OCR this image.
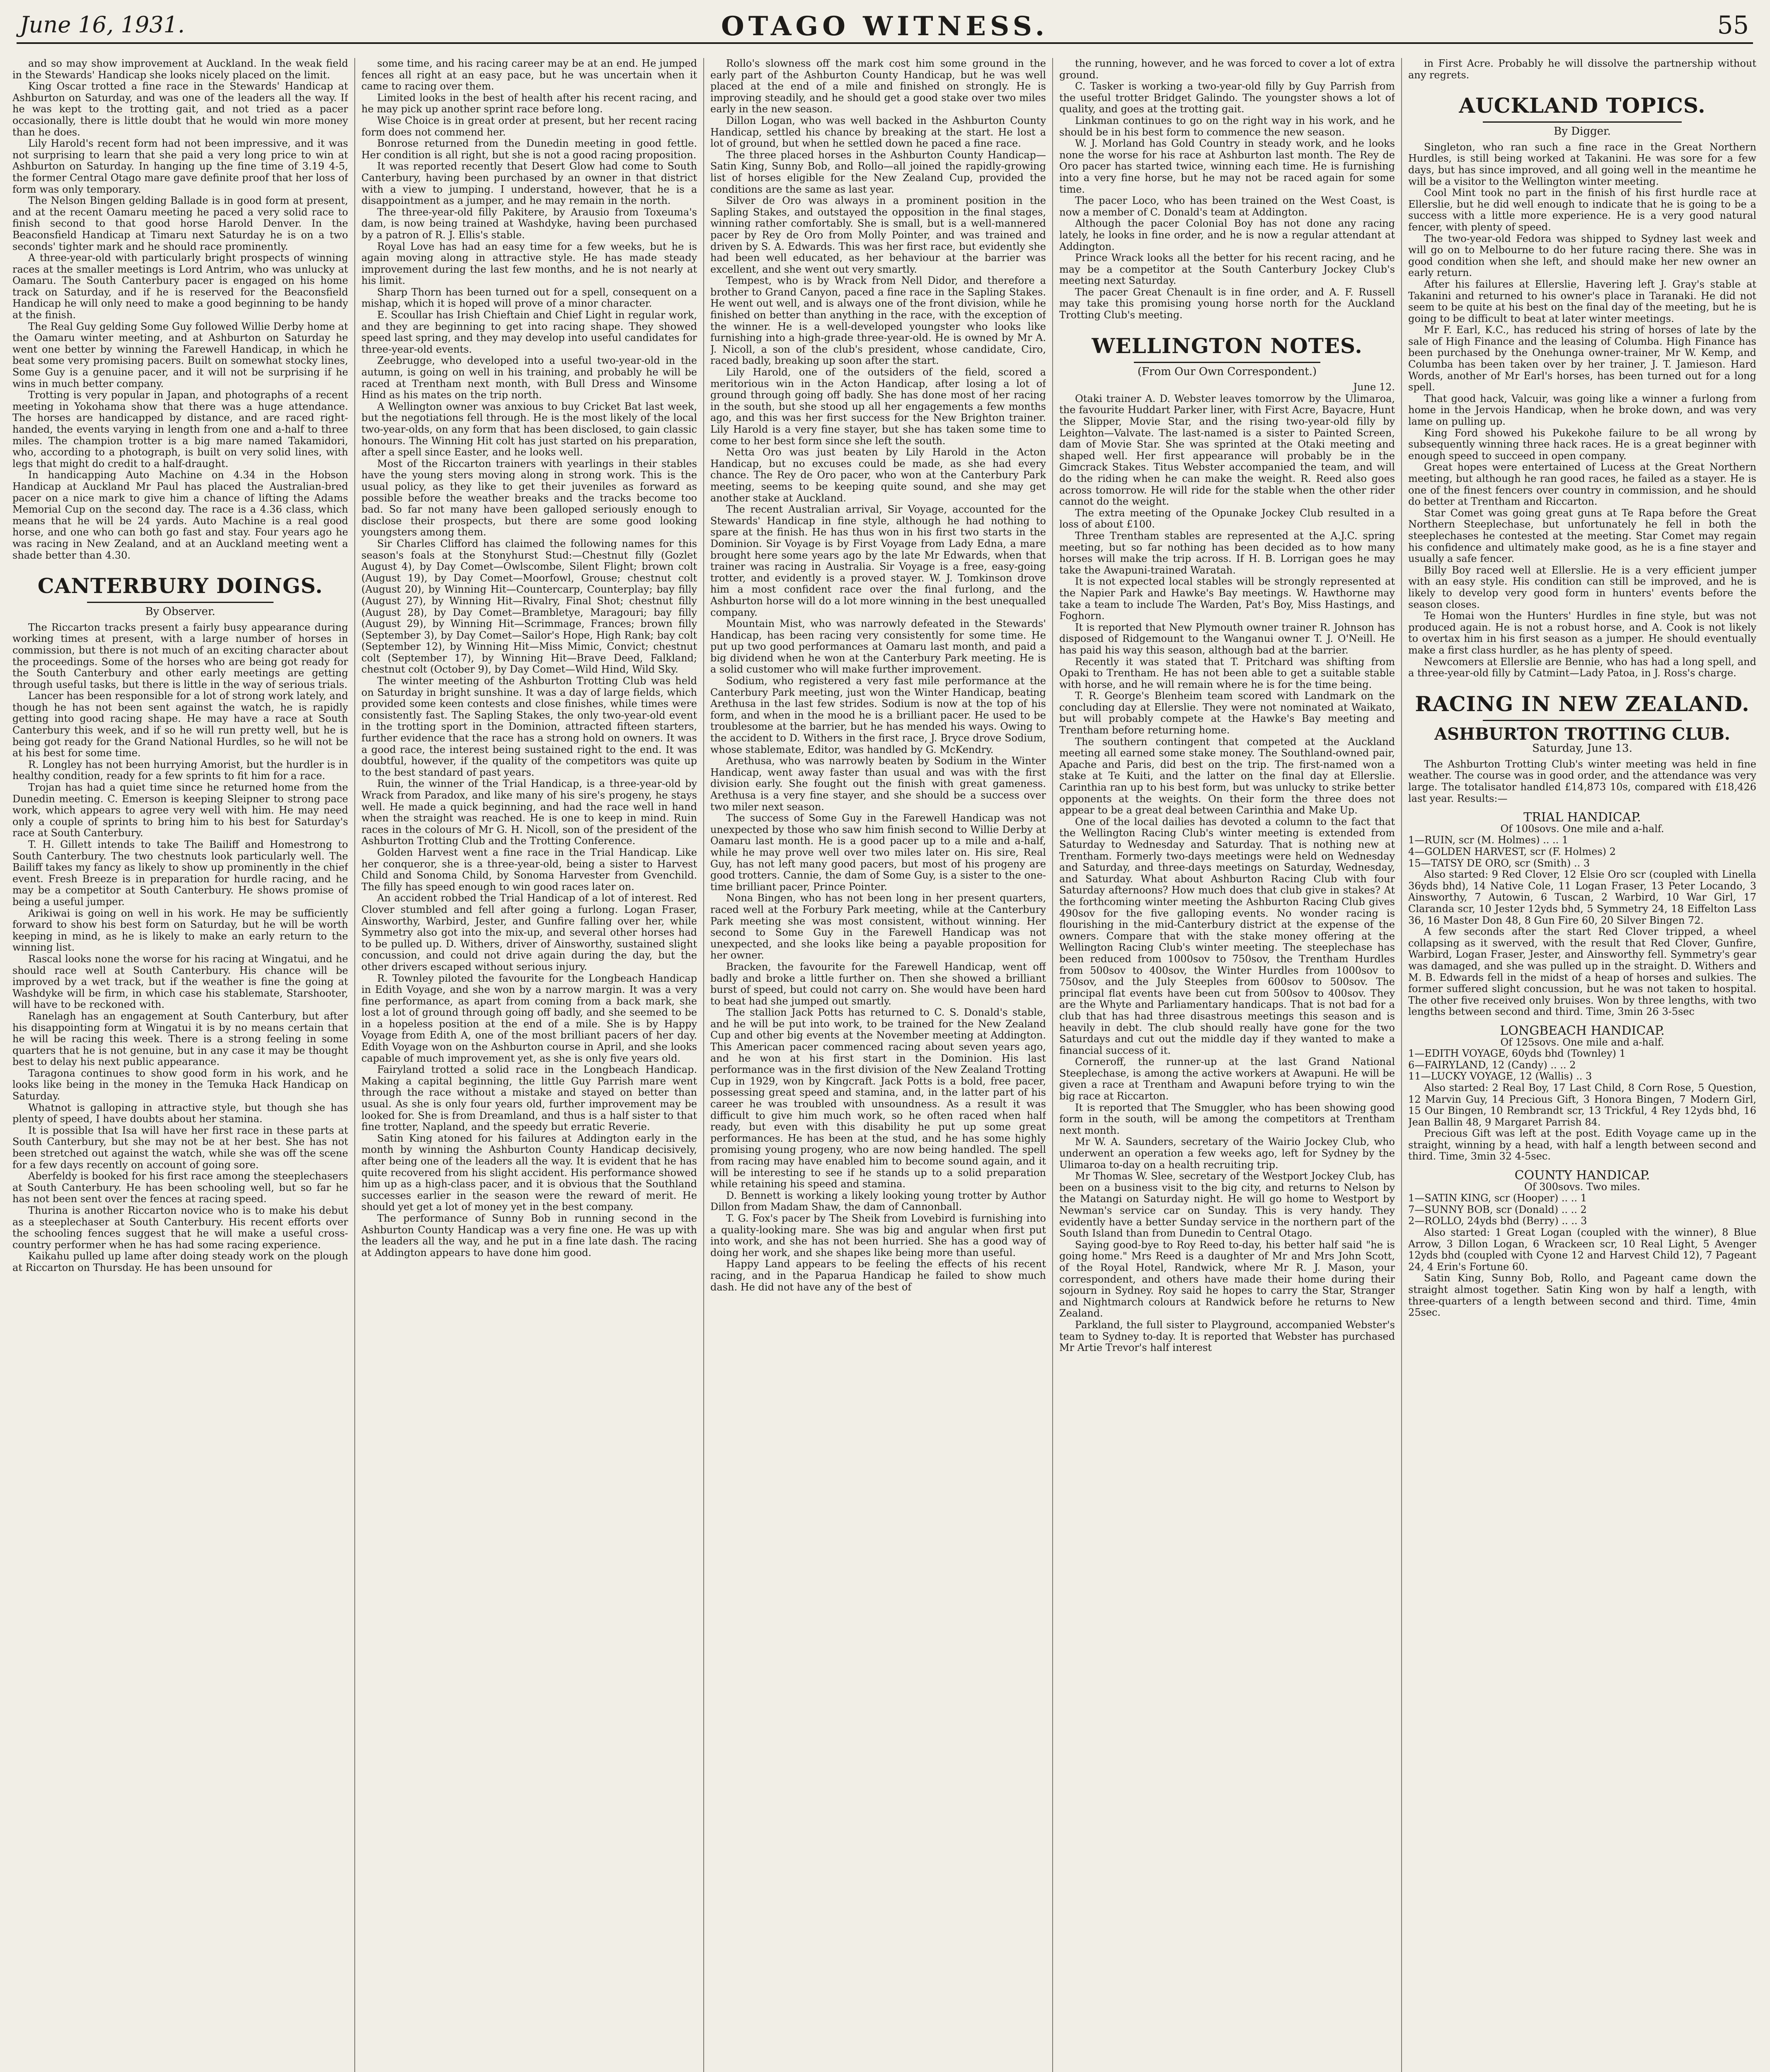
June 16, 1931.	OTAGO WITNESS.	55

and so may show improvement at Auckland. In the weak field in the Stewards' Handicap she looks nicely placed on the limit.

King Oscar trotted a fine race in the Stewards' Handicap at Ashburton on Saturday, and was one of the leaders all the way. If he was kept to the trotting gait, and not tried as a pacer occasionally, there is little doubt that he would win more money than he does.

Lily Harold's recent form had not been impressive, and it was not surprising to learn that she paid a very long price to win at Ashburton on Saturday. In hanging up the fine time of 3.19 4-5, the former Central Otago mare gave definite proof that her loss of form was only temporary.

The Nelson Bingen gelding Ballade is in good form at present, and at the recent Oamaru meeting he paced a very solid race to finish second to that good horse Harold Denver. In the Beaconsfield Handicap at Timaru next Saturday he is on a two seconds' tighter mark and he should race prominently.

A three-year-old with particularly bright prospects of winning races at the smaller meetings is Lord Antrim, who was unlucky at Oamaru. The South Canterbury pacer is engaged on his home track on Saturday, and if he is reserved for the Beaconsfield Handicap he will only need to make a good beginning to be handy at the finish.

The Real Guy gelding Some Guy followed Willie Derby home at the Oamaru winter meeting, and at Ashburton on Saturday he went one better by winning the Farewell Handicap, in which he beat some very promising pacers. Built on somewhat stocky lines, Some Guy is a genuine pacer, and it will not be surprising if he wins in much better company.

Trotting is very popular in Japan, and photographs of a recent meeting in Yokohama show that there was a huge attendance. The horses are handicapped by distance, and are raced right-handed, the events varying in length from one and a-half to three miles. The champion trotter is a big mare named Takamidori, who, according to a photograph, is built on very solid lines, with legs that might do credit to a half-draught.

In handicapping Auto Machine on 4.34 in the Hobson Handicap at Auckland Mr Paul has placed the Australian-bred pacer on a nice mark to give him a chance of lifting the Adams Memorial Cup on the second day. The race is a 4.36 class, which means that he will be 24 yards. Auto Machine is a real good horse, and one who can both go fast and stay. Four years ago he was racing in New Zealand, and at an Auckland meeting went a shade better than 4.30.

CANTERBURY DOINGS.
By Observer.

The Riccarton tracks present a fairly busy appearance during working times at present, with a large number of horses in commission, but there is not much of an exciting character about the proceedings. Some of the horses who are being got ready for the South Canterbury and other early meetings are getting through useful tasks, but there is little in the way of serious trials.

Lancer has been responsible for a lot of strong work lately, and though he has not been sent against the watch, he is rapidly getting into good racing shape. He may have a race at South Canterbury this week, and if so he will run pretty well, but he is being got ready for the Grand National Hurdles, so he will not be at his best for some time.

R. Longley has not been hurrying Amorist, but the hurdler is in healthy condition, ready for a few sprints to fit him for a race.

Trojan has had a quiet time since he returned home from the Dunedin meeting. C. Emerson is keeping Sleipner to strong pace work, which appears to agree very well with him. He may need only a couple of sprints to bring him to his best for Saturday's race at South Canterbury.

T. H. Gillett intends to take The Bailiff and Homestrong to South Canterbury. The two chestnuts look particularly well. The Bailiff takes my fancy as likely to show up prominently in the chief event. Fresh Breeze is in preparation for hurdle racing, and he may be a competitor at South Canterbury. He shows promise of being a useful jumper.

Arikiwai is going on well in his work. He may be sufficiently forward to show his best form on Saturday, but he will be worth keeping in mind, as he is likely to make an early return to the winning list.

Rascal looks none the worse for his racing at Wingatui, and he should race well at South Canterbury. His chance will be improved by a wet track, but if the weather is fine the going at Washdyke will be firm, in which case his stablemate, Starshooter, will have to be reckoned with.

Ranelagh has an engagement at South Canterbury, but after his disappointing form at Wingatui it is by no means certain that he will be racing this week. There is a strong feeling in some quarters that he is not genuine, but in any case it may be thought best to delay his next public appearance.

Taragona continues to show good form in his work, and he looks like being in the money in the Temuka Hack Handicap on Saturday.

Whatnot is galloping in attractive style, but though she has plenty of speed, I have doubts about her stamina.

It is possible that Isa will have her first race in these parts at South Canterbury, but she may not be at her best. She has not been stretched out against the watch, while she was off the scene for a few days recently on account of going sore.

Aberfeldy is booked for his first race among the steeplechasers at South Canterbury. He has been schooling well, but so far he has not been sent over the fences at racing speed.

Thurina is another Riccarton novice who is to make his debut as a steeplechaser at South Canterbury. His recent efforts over the schooling fences suggest that he will make a useful cross-country performer when he has had some racing experience.

Kaikahu pulled up lame after doing steady work on the plough at Riccarton on Thursday. He has been unsound for

some time, and his racing career may be at an end. He jumped fences all right at an easy pace, but he was uncertain when it came to racing over them.

Limited looks in the best of health after his recent racing, and he may pick up another sprint race before long.

Wise Choice is in great order at present, but her recent racing form does not commend her.

Bonrose returned from the Dunedin meeting in good fettle. Her condition is all right, but she is not a good racing proposition.

It was reported recently that Desert Glow had come to South Canterbury, having been purchased by an owner in that district with a view to jumping. I understand, however, that he is a disappointment as a jumper, and he may remain in the north.

The three-year-old filly Pakitere, by Arausio from Toxeuma's dam, is now being trained at Washdyke, having been purchased by a patron of R. J. Ellis's stable.

Royal Love has had an easy time for a few weeks, but he is again moving along in attractive style. He has made steady improvement during the last few months, and he is not nearly at his limit.

Sharp Thorn has been turned out for a spell, consequent on a mishap, which it is hoped will prove of a minor character.

E. Scoullar has Irish Chieftain and Chief Light in regular work, and they are beginning to get into racing shape. They showed speed last spring, and they may develop into useful candidates for three-year-old events.

Zeebrugge, who developed into a useful two-year-old in the autumn, is going on well in his training, and probably he will be raced at Trentham next month, with Bull Dress and Winsome Hind as his mates on the trip north.

A Wellington owner was anxious to buy Cricket Bat last week, but the negotiations fell through. He is the most likely of the local two-year-olds, on any form that has been disclosed, to gain classic honours. The Winning Hit colt has just started on his preparation, after a spell since Easter, and he looks well.

Most of the Riccarton trainers with yearlings in their stables have the young sters moving along in strong work. This is the usual policy, as they like to get their juveniles as forward as possible before the weather breaks and the tracks become too bad. So far not many have been galloped seriously enough to disclose their prospects, but there are some good looking youngsters among them.

Sir Charles Clifford has claimed the following names for this season's foals at the Stonyhurst Stud:—Chestnut filly (Gozlet August 4), by Day Comet—Owlscombe, Silent Flight; brown colt (August 19), by Day Comet—Moorfowl, Grouse; chestnut colt (August 20), by Winning Hit—Countercarp, Counterplay; bay filly (August 27), by Winning Hit—Rivalry, Final Shot; chestnut filly (August 28), by Day Comet—Brambletye, Maragouri; bay filly (August 29), by Winning Hit—Scrimmage, Frances; brown filly (September 3), by Day Comet—Sailor's Hope, High Rank; bay colt (September 12), by Winning Hit—Miss Mimic, Convict; chestnut colt (September 17), by Winning Hit—Brave Deed, Falkland; chestnut colt (October 9), by Day Comet—Wild Hind, Wild Sky.

The winter meeting of the Ashburton Trotting Club was held on Saturday in bright sunshine. It was a day of large fields, which provided some keen contests and close finishes, while times were consistently fast. The Sapling Stakes, the only two-year-old event in the trotting sport in the Dominion, attracted fifteen starters, further evidence that the race has a strong hold on owners. It was a good race, the interest being sustained right to the end. It was doubtful, however, if the quality of the competitors was quite up to the best standard of past years.

Ruin, the winner of the Trial Handicap, is a three-year-old by Wrack from Paradox, and like many of his sire's progeny, he stays well. He made a quick beginning, and had the race well in hand when the straight was reached. He is one to keep in mind. Ruin races in the colours of Mr G. H. Nicoll, son of the president of the Ashburton Trotting Club and the Trotting Conference.

Golden Harvest went a fine race in the Trial Handicap. Like her conqueror, she is a three-year-old, being a sister to Harvest Child and Sonoma Child, by Sonoma Harvester from Gvenchild. The filly has speed enough to win good races later on.

An accident robbed the Trial Handicap of a lot of interest. Red Clover stumbled and fell after going a furlong. Logan Fraser, Ainsworthy, Warbird, Jester, and Gunfire falling over her, while Symmetry also got into the mix-up, and several other horses had to be pulled up. D. Withers, driver of Ainsworthy, sustained slight concussion, and could not drive again during the day, but the other drivers escaped without serious injury.

R. Townley piloted the favourite for the Longbeach Handicap in Edith Voyage, and she won by a narrow margin. It was a very fine performance, as apart from coming from a back mark, she lost a lot of ground through going off badly, and she seemed to be in a hopeless position at the end of a mile. She is by Happy Voyage from Edith A, one of the most brilliant pacers of her day. Edith Voyage won on the Ashburton course in April, and she looks capable of much improvement yet, as she is only five years old.

Fairyland trotted a solid race in the Longbeach Handicap. Making a capital beginning, the little Guy Parrish mare went through the race without a mistake and stayed on better than usual. As she is only four years old, further improvement may be looked for. She is from Dreamland, and thus is a half sister to that fine trotter, Napland, and the speedy but erratic Reverie.

Satin King atoned for his failures at Addington early in the month by winning the Ashburton County Handicap decisively, after being one of the leaders all the way. It is evident that he has quite recovered from his slight accident. His performance showed him up as a high-class pacer, and it is obvious that the Southland successes earlier in the season were the reward of merit. He should yet get a lot of money yet in the best company.

The performance of Sunny Bob in running second in the Ashburton County Handicap was a very fine one. He was up with the leaders all the way, and he put in a fine late dash. The racing at Addington appears to have done him good.

Rollo's slowness off the mark cost him some ground in the early part of the Ashburton County Handicap, but he was well placed at the end of a mile and finished on strongly. He is improving steadily, and he should get a good stake over two miles early in the new season.

Dillon Logan, who was well backed in the Ashburton County Handicap, settled his chance by breaking at the start. He lost a lot of ground, but when he settled down he paced a fine race.

The three placed horses in the Ashburton County Handicap—Satin King, Sunny Bob, and Rollo—all joined the rapidly-growing list of horses eligible for the New Zealand Cup, provided the conditions are the same as last year.

Silver de Oro was always in a prominent position in the Sapling Stakes, and outstayed the opposition in the final stages, winning rather comfortably. She is small, but is a well-mannered pacer by Rey de Oro from Molly Pointer, and was trained and driven by S. A. Edwards. This was her first race, but evidently she had been well educated, as her behaviour at the barrier was excellent, and she went out very smartly.

Tempest, who is by Wrack from Nell Didor, and therefore a brother to Grand Canyon, paced a fine race in the Sapling Stakes. He went out well, and is always one of the front division, while he finished on better than anything in the race, with the exception of the winner. He is a well-developed youngster who looks like furnishing into a high-grade three-year-old. He is owned by Mr A. J. Nicoll, a son of the club's president, whose candidate, Ciro, raced badly, breaking up soon after the start.

Lily Harold, one of the outsiders of the field, scored a meritorious win in the Acton Handicap, after losing a lot of ground through going off badly. She has done most of her racing in the south, but she stood up all her engagements a few months ago, and this was her first success for the New Brighton trainer. Lily Harold is a very fine stayer, but she has taken some time to come to her best form since she left the south.

Netta Oro was just beaten by Lily Harold in the Acton Handicap, but no excuses could be made, as she had every chance. The Rey de Oro pacer, who won at the Canterbury Park meeting, seems to be keeping quite sound, and she may get another stake at Auckland.

The recent Australian arrival, Sir Voyage, accounted for the Stewards' Handicap in fine style, although he had nothing to spare at the finish. He has thus won in his first two starts in the Dominion. Sir Voyage is by First Voyage from Lady Edna, a mare brought here some years ago by the late Mr Edwards, when that trainer was racing in Australia. Sir Voyage is a free, easy-going trotter, and evidently is a proved stayer. W. J. Tomkinson drove him a most confident race over the final furlong, and the Ashburton horse will do a lot more winning in the best unequalled company.

Mountain Mist, who was narrowly defeated in the Stewards' Handicap, has been racing very consistently for some time. He put up two good performances at Oamaru last month, and paid a big dividend when he won at the Canterbury Park meeting. He is a solid customer who will make further improvement.

Sodium, who registered a very fast mile performance at the Canterbury Park meeting, just won the Winter Handicap, beating Arethusa in the last few strides. Sodium is now at the top of his form, and when in the mood he is a brilliant pacer. He used to be troublesome at the barrier, but he has mended his ways. Owing to the accident to D. Withers in the first race, J. Bryce drove Sodium, whose stablemate, Editor, was handled by G. McKendry.

Arethusa, who was narrowly beaten by Sodium in the Winter Handicap, went away faster than usual and was with the first division early. She fought out the finish with great gameness. Arethusa is a very fine stayer, and she should be a success over two miler next season.

The success of Some Guy in the Farewell Handicap was not unexpected by those who saw him finish second to Willie Derby at Oamaru last month. He is a good pacer up to a mile and a-half, while he may prove well over two miles later on. His sire, Real Guy, has not left many good pacers, but most of his progeny are good trotters. Cannie, the dam of Some Guy, is a sister to the one-time brilliant pacer, Prince Pointer.

Nona Bingen, who has not been long in her present quarters, raced well at the Forbury Park meeting, while at the Canterbury Park meeting she was most consistent, without winning. Her second to Some Guy in the Farewell Handicap was not unexpected, and she looks like being a payable proposition for her owner.

Bracken, the favourite for the Farewell Handicap, went off badly and broke a little further on. Then she showed a brilliant burst of speed, but could not carry on. She would have been hard to beat had she jumped out smartly.

The stallion Jack Potts has returned to C. S. Donald's stable, and he will be put into work, to be trained for the New Zealand Cup and other big events at the November meeting at Addington. This American pacer commenced racing about seven years ago, and he won at his first start in the Dominion. His last performance was in the first division of the New Zealand Trotting Cup in 1929, won by Kingcraft. Jack Potts is a bold, free pacer, possessing great speed and stamina, and, in the latter part of his career he was troubled with unsoundness. As a result it was difficult to give him much work, so he often raced when half ready, but even with this disability he put up some great performances. He has been at the stud, and he has some highly promising young progeny, who are now being handled. The spell from racing may have enabled him to become sound again, and it will be interesting to see if he stands up to a solid preparation while retaining his speed and stamina.

D. Bennett is working a likely looking young trotter by Author Dillon from Madam Shaw, the dam of Cannonball.

T. G. Fox's pacer by The Sheik from Lovebird is furnishing into a quality-looking mare. She was big and angular when first put into work, and she has not been hurried. She has a good way of doing her work, and she shapes like being more than useful.

Happy Land appears to be feeling the effects of his recent racing, and in the Paparua Handicap he failed to show much dash. He did not have any of the best of

the running, however, and he was forced to cover a lot of extra ground.

C. Tasker is working a two-year-old filly by Guy Parrish from the useful trotter Bridget Galindo. The youngster shows a lot of quality, and goes at the trotting gait.

Linkman continues to go on the right way in his work, and he should be in his best form to commence the new season.

W. J. Morland has Gold Country in steady work, and he looks none the worse for his race at Ashburton last month. The Rey de Oro pacer has started twice, winning each time. He is furnishing into a very fine horse, but he may not be raced again for some time.

The pacer Loco, who has been trained on the West Coast, is now a member of C. Donald's team at Addington.

Although the pacer Colonial Boy has not done any racing lately, he looks in fine order, and he is now a regular attendant at Addington.

Prince Wrack looks all the better for his recent racing, and he may be a competitor at the South Canterbury Jockey Club's meeting next Saturday.

The pacer Great Chenault is in fine order, and A. F. Russell may take this promising young horse north for the Auckland Trotting Club's meeting.

WELLINGTON NOTES.
(From Our Own Correspondent.)

June 12.

Otaki trainer A. D. Webster leaves tomorrow by the Ulimaroa, the favourite Huddart Parker liner, with First Acre, Bayacre, Hunt the Slipper, Movie Star, and the rising two-year-old filly by Leighton—Valvate. The last-named is a sister to Painted Screen, dam of Movie Star. She was sprinted at the Otaki meeting and shaped well. Her first appearance will probably be in the Gimcrack Stakes. Titus Webster accompanied the team, and will do the riding when he can make the weight. R. Reed also goes across tomorrow. He will ride for the stable when the other rider cannot do the weight.

The extra meeting of the Opunake Jockey Club resulted in a loss of about £100.

Three Trentham stables are represented at the A.J.C. spring meeting, but so far nothing has been decided as to how many horses will make the trip across. If H. B. Lorrigan goes he may take the Awapuni-trained Waratah.

It is not expected local stables will be strongly represented at the Napier Park and Hawke's Bay meetings. W. Hawthorne may take a team to include The Warden, Pat's Boy, Miss Hastings, and Foghorn.

It is reported that New Plymouth owner trainer R. Johnson has disposed of Ridgemount to the Wanganui owner T. J. O'Neill. He has paid his way this season, although bad at the barrier.

Recently it was stated that T. Pritchard was shifting from Opaki to Trentham. He has not been able to get a suitable stable with horse, and he will remain where he is for the time being.

T. R. George's Blenheim team scored with Landmark on the concluding day at Ellerslie. They were not nominated at Waikato, but will probably compete at the Hawke's Bay meeting and Trentham before returning home.

The southern contingent that competed at the Auckland meeting all earned some stake money. The Southland-owned pair, Apache and Paris, did best on the trip. The first-named won a stake at Te Kuiti, and the latter on the final day at Ellerslie. Carinthia ran up to his best form, but was unlucky to strike better opponents at the weights. On their form the three does not appear to be a great deal between Carinthia and Make Up.

One of the local dailies has devoted a column to the fact that the Wellington Racing Club's winter meeting is extended from Saturday to Wednesday and Saturday. That is nothing new at Trentham. Formerly two-days meetings were held on Wednesday and Saturday, and three-days meetings on Saturday, Wednesday, and Saturday. What about Ashburton Racing Club with four Saturday afternoons? How much does that club give in stakes? At the forthcoming winter meeting the Ashburton Racing Club gives 490sov for the five galloping events. No wonder racing is flourishing in the mid-Canterbury district at the expense of the owners. Compare that with the stake money offering at the Wellington Racing Club's winter meeting. The steeplechase has been reduced from 1000sov to 750sov, the Trentham Hurdles from 500sov to 400sov, the Winter Hurdles from 1000sov to 750sov, and the July Steeples from 600sov to 500sov. The principal flat events have been cut from 500sov to 400sov. They are the Whyte and Parliamentary handicaps. That is not bad for a club that has had three disastrous meetings this season and is heavily in debt. The club should really have gone for the two Saturdays and cut out the middle day if they wanted to make a financial success of it.

Corneroff, the runner-up at the last Grand National Steeplechase, is among the active workers at Awapuni. He will be given a race at Trentham and Awapuni before trying to win the big race at Riccarton.

It is reported that The Smuggler, who has been showing good form in the south, will be among the competitors at Trentham next month.

Mr W. A. Saunders, secretary of the Wairio Jockey Club, who underwent an operation a few weeks ago, left for Sydney by the Ulimaroa to-day on a health recruiting trip.

Mr Thomas W. Slee, secretary of the Westport Jockey Club, has been on a business visit to the big city, and returns to Nelson by the Matangi on Saturday night. He will go home to Westport by Newman's service car on Sunday. This is very handy. They evidently have a better Sunday service in the northern part of the South Island than from Dunedin to Central Otago.

Saying good-bye to Roy Reed to-day, his better half said "he is going home." Mrs Reed is a daughter of Mr and Mrs John Scott, of the Royal Hotel, Randwick, where Mr R. J. Mason, your correspondent, and others have made their home during their sojourn in Sydney. Roy said he hopes to carry the Star, Stranger and Nightmarch colours at Randwick before he returns to New Zealand.

Parkland, the full sister to Playground, accompanied Webster's team to Sydney to-day. It is reported that Webster has purchased Mr Artie Trevor's half interest

in First Acre. Probably he will dissolve the partnership without any regrets.

AUCKLAND TOPICS.
By Digger.

Singleton, who ran such a fine race in the Great Northern Hurdles, is still being worked at Takanini. He was sore for a few days, but has since improved, and all going well in the meantime he will be a visitor to the Wellington winter meeting.

Cool Mint took no part in the finish of his first hurdle race at Ellerslie, but he did well enough to indicate that he is going to be a success with a little more experience. He is a very good natural fencer, with plenty of speed.

The two-year-old Fedora was shipped to Sydney last week and will go on to Melbourne to do her future racing there. She was in good condition when she left, and should make her new owner an early return.

After his failures at Ellerslie, Havering left J. Gray's stable at Takanini and returned to his owner's place in Taranaki. He did not seem to be quite at his best on the final day of the meeting, but he is going to be difficult to beat at later winter meetings.

Mr F. Earl, K.C., has reduced his string of horses of late by the sale of High Finance and the leasing of Columba. High Finance has been purchased by the Onehunga owner-trainer, Mr W. Kemp, and Columba has been taken over by her trainer, J. T. Jamieson. Hard Words, another of Mr Earl's horses, has been turned out for a long spell.

That good hack, Valcuir, was going like a winner a furlong from home in the Jervois Handicap, when he broke down, and was very lame on pulling up.

King Ford showed his Pukekohe failure to be all wrong by subsequently winning three hack races. He is a great beginner with enough speed to succeed in open company.

Great hopes were entertained of Lucess at the Great Northern meeting, but although he ran good races, he failed as a stayer. He is one of the finest fencers over country in commission, and he should do better at Trentham and Riccarton.

Star Comet was going great guns at Te Rapa before the Great Northern Steeplechase, but unfortunately he fell in both the steeplechases he contested at the meeting. Star Comet may regain his confidence and ultimately make good, as he is a fine stayer and usually a safe fencer.

Billy Boy raced well at Ellerslie. He is a very efficient jumper with an easy style. His condition can still be improved, and he is likely to develop very good form in hunters' events before the season closes.

Te Homai won the Hunters' Hurdles in fine style, but was not produced again. He is not a robust horse, and A. Cook is not likely to overtax him in his first season as a jumper. He should eventually make a first class hurdler, as he has plenty of speed.

Newcomers at Ellerslie are Bennie, who has had a long spell, and a three-year-old filly by Catmint—Lady Patoa, in J. Ross's charge.

RACING IN NEW ZEALAND.
ASHBURTON TROTTING CLUB.
Saturday, June 13.

The Ashburton Trotting Club's winter meeting was held in fine weather. The course was in good order, and the attendance was very large. The totalisator handled £14,873 10s, compared with £18,426 last year. Results:—

TRIAL HANDICAP.

Of 100sovs. One mile and a-half.

1—RUIN, scr (M. Holmes) .. .. 1

4—GOLDEN HARVEST, scr (F. Holmes) 2

15—TATSY DE ORO, scr (Smith) .. 3

Also started: 9 Red Clover, 12 Elsie Oro scr (coupled with Linella 36yds bhd), 14 Native Cole, 11 Logan Fraser, 13 Peter Locando, 3 Ainsworthy, 7 Autowin, 6 Tuscan, 2 Warbird, 10 War Girl, 17 Claranda scr, 10 Jester 12yds bhd, 5 Symmetry 24, 18 Eiffelton Lass 36, 16 Master Don 48, 8 Gun Fire 60, 20 Silver Bingen 72.

A few seconds after the start Red Clover tripped, a wheel collapsing as it swerved, with the result that Red Clover, Gunfire, Warbird, Logan Fraser, Jester, and Ainsworthy fell. Symmetry's gear was damaged, and she was pulled up in the straight. D. Withers and M. B. Edwards fell in the midst of a heap of horses and sulkies. The former suffered slight concussion, but he was not taken to hospital. The other five received only bruises. Won by three lengths, with two lengths between second and third. Time, 3min 26 3-5sec

LONGBEACH HANDICAP.

Of 125sovs. One mile and a-half.

1—EDITH VOYAGE, 60yds bhd (Townley) 1

6—FAIRYLAND, 12 (Candy) .. .. 2

11—LUCKY VOYAGE, 12 (Wallis) .. 3

Also started: 2 Real Boy, 17 Last Child, 8 Corn Rose, 5 Question, 12 Marvin Guy, 14 Precious Gift, 3 Honora Bingen, 7 Modern Girl, 15 Our Bingen, 10 Rembrandt scr, 13 Trickful, 4 Rey 12yds bhd, 16 Jean Ballin 48, 9 Margaret Parrish 84.

Precious Gift was left at the post. Edith Voyage came up in the straight, winning by a head, with half a length between second and third. Time, 3min 32 4-5sec.

COUNTY HANDICAP.

Of 300sovs. Two miles.

1—SATIN KING, scr (Hooper) .. .. 1

7—SUNNY BOB, scr (Donald) .. .. 2

2—ROLLO, 24yds bhd (Berry) .. .. 3

Also started: 1 Great Logan (coupled with the winner), 8 Blue Arrow, 3 Dillon Logan, 6 Wrackeen scr, 10 Real Light, 5 Avenger 12yds bhd (coupled with Cyone 12 and Harvest Child 12), 7 Pageant 24, 4 Erin's Fortune 60.

Satin King, Sunny Bob, Rollo, and Pageant came down the straight almost together. Satin King won by half a length, with three-quarters of a length between second and third. Time, 4min 25sec.
